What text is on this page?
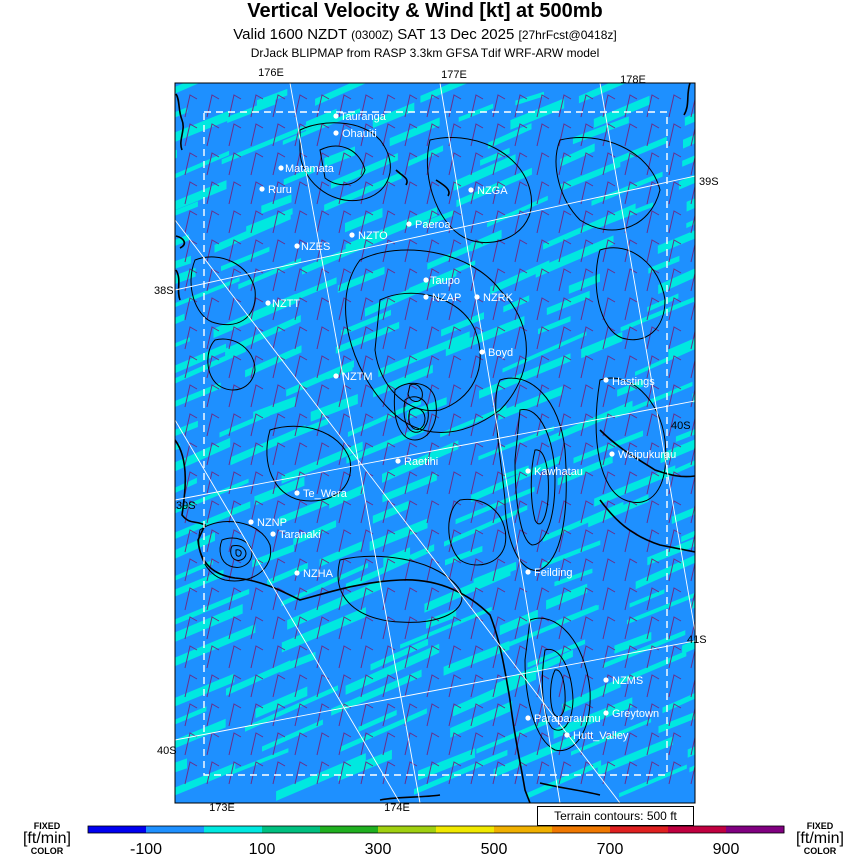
Vertical Velocity & Wind [kt] at 500mb
Valid 1600 NZDT (0300Z) SAT 13 Dec 2025 [27hrFcst@0418z]
DrJack BLIPMAP from RASP 3.3km GFSA Tdif WRF-ARW model
176E	177E	178E
173E	174E
38S
39S
40S
39S
40S
41S
Tauranga
Ohauiti
Matamata
Ruru	NZGA
Paeroa
NZES
NZTO
Taupo
NZAP NZRK
NZTT
Boyd
NZTM	Hastings
Raetihi
Waipukurau
Kawhatau
Te_Wera
NZNP
Taranaki
NZHA	Feilding
NZMS
Greytown
Paraparaumu
Hutt_Valley
-100	100	300	500	700	900
FIXED
[ft/min]
COLOR
FIXED
[ft/min]
COLOR
Terrain contours: 500 ft
